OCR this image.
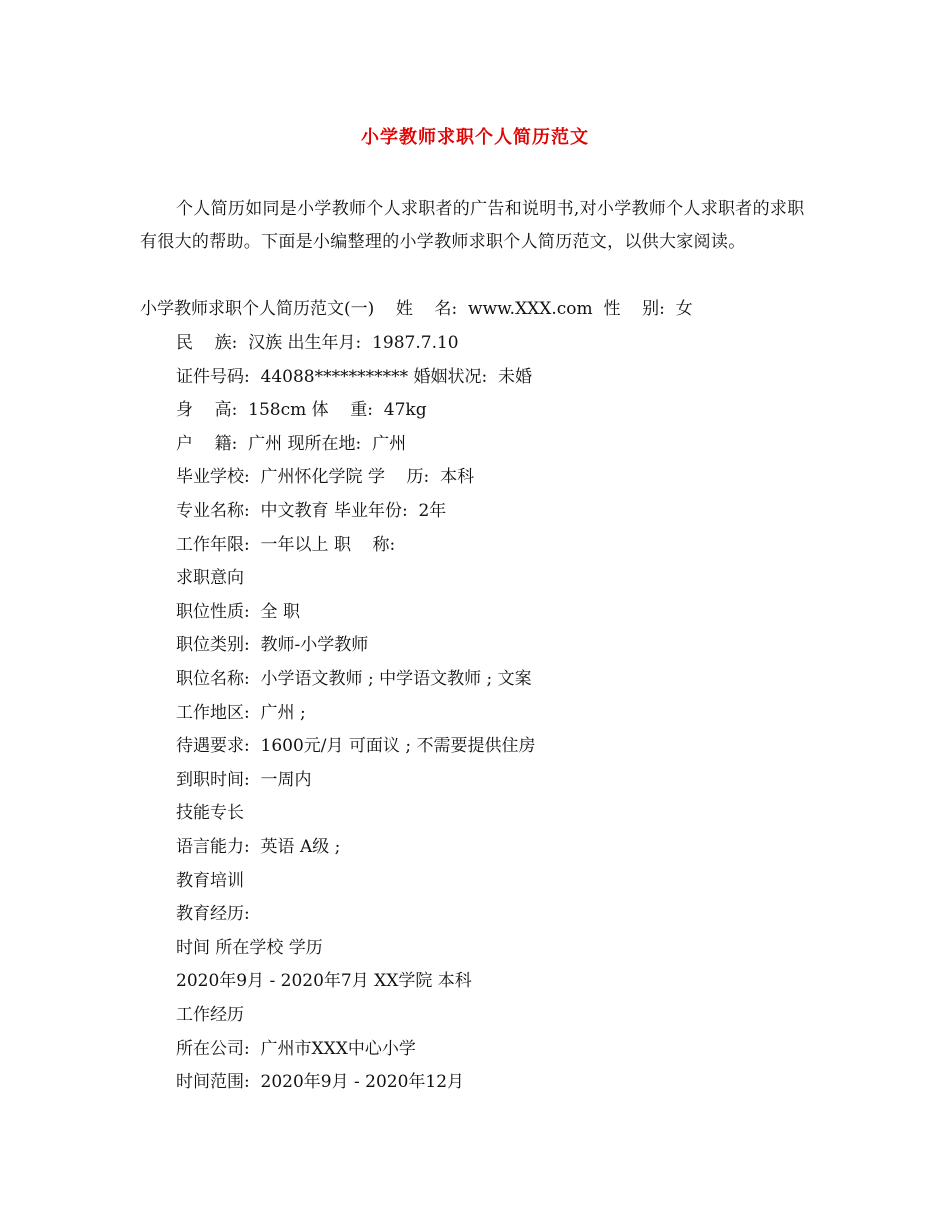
小学教师求职个人简历范文
个人简历如同是小学教师个人求职者的广告和说明书,对小学教师个人求职者的求职有很大的帮助。下面是小编整理的小学教师求职个人简历范文，以供大家阅读。
小学教师求职个人简历范文(一)    姓    名:  www.XXX.com  性    别:  女
民    族:  汉族 出生年月:  1987.7.10
证件号码:  44088*********** 婚姻状况:  未婚
身    高:  158cm 体    重:  47kg
户    籍:  广州 现所在地:  广州
毕业学校:  广州怀化学院 学    历:  本科
专业名称:  中文教育 毕业年份:  2年
工作年限:  一年以上 职    称:
求职意向
职位性质:  全 职
职位类别:  教师-小学教师
职位名称:  小学语文教师 ; 中学语文教师 ; 文案
工作地区:  广州 ;
待遇要求:  1600元/月 可面议 ; 不需要提供住房
到职时间:  一周内
技能专长
语言能力:  英语 A级 ;
教育培训
教育经历:
时间 所在学校 学历
2020年9月 - 2020年7月 XX学院 本科
工作经历
所在公司:  广州市XXX中心小学
时间范围:  2020年9月 - 2020年12月
